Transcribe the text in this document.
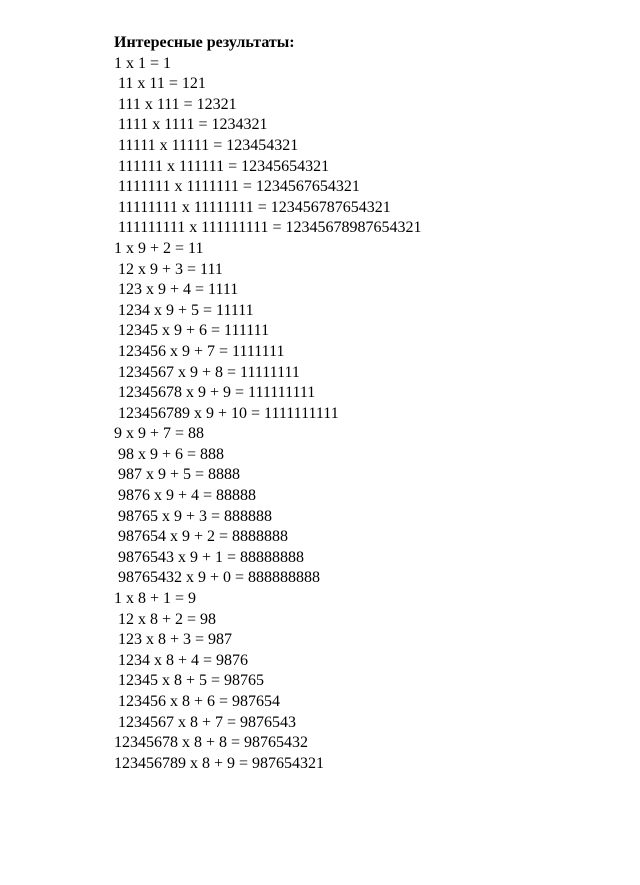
Интересные результаты:
1 x 1 = 1
11 x 11 = 121
111 x 111 = 12321
1111 x 1111 = 1234321
11111 x 11111 = 123454321
111111 x 111111 = 12345654321
1111111 x 1111111 = 1234567654321
11111111 x 11111111 = 123456787654321
111111111 x 111111111 = 12345678987654321
1 x 9 + 2 = 11
12 x 9 + 3 = 111
123 x 9 + 4 = 1111
1234 x 9 + 5 = 11111
12345 x 9 + 6 = 111111
123456 x 9 + 7 = 1111111
1234567 x 9 + 8 = 11111111
12345678 x 9 + 9 = 111111111
123456789 x 9 + 10 = 1111111111
9 x 9 + 7 = 88
98 x 9 + 6 = 888
987 x 9 + 5 = 8888
9876 x 9 + 4 = 88888
98765 x 9 + 3 = 888888
987654 x 9 + 2 = 8888888
9876543 x 9 + 1 = 88888888
98765432 x 9 + 0 = 888888888
1 x 8 + 1 = 9
12 x 8 + 2 = 98
123 x 8 + 3 = 987
1234 x 8 + 4 = 9876
12345 x 8 + 5 = 98765
123456 x 8 + 6 = 987654
1234567 x 8 + 7 = 9876543
12345678 x 8 + 8 = 98765432
123456789 x 8 + 9 = 987654321
